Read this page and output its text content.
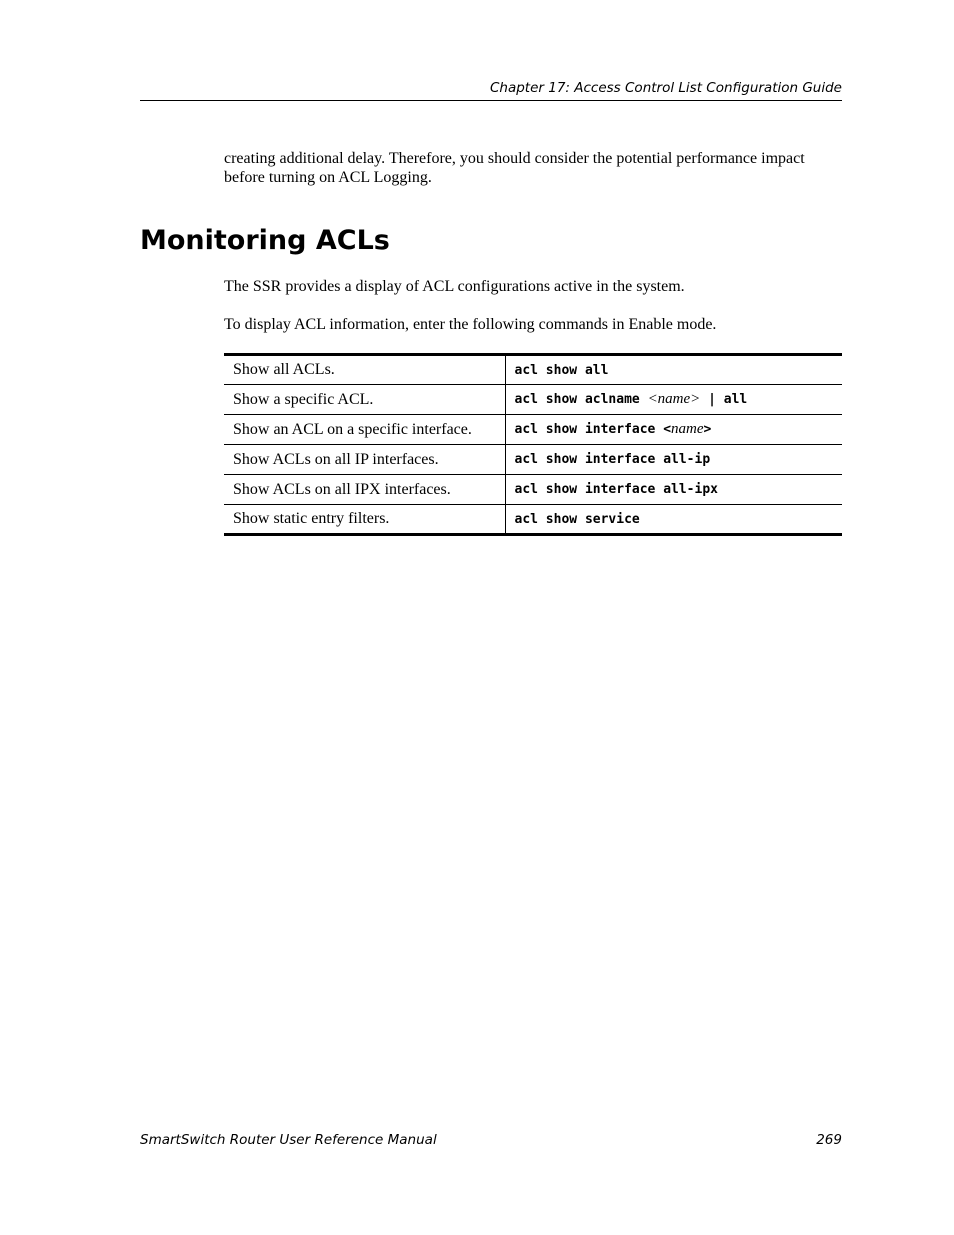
Chapter 17: Access Control List Configuration Guide

creating additional delay. Therefore, you should consider the potential performance impact before turning on ACL Logging.

Monitoring ACLs

The SSR provides a display of ACL configurations active in the system.

To display ACL information, enter the following commands in Enable mode.

Show all ACLs.	acl show all
Show a specific ACL.	acl show aclname <name> | all
Show an ACL on a specific interface.	acl show interface <name>
Show ACLs on all IP interfaces.	acl show interface all-ip
Show ACLs on all IPX interfaces.	acl show interface all-ipx
Show static entry filters.	acl show service
SmartSwitch Router User Reference Manual	269
